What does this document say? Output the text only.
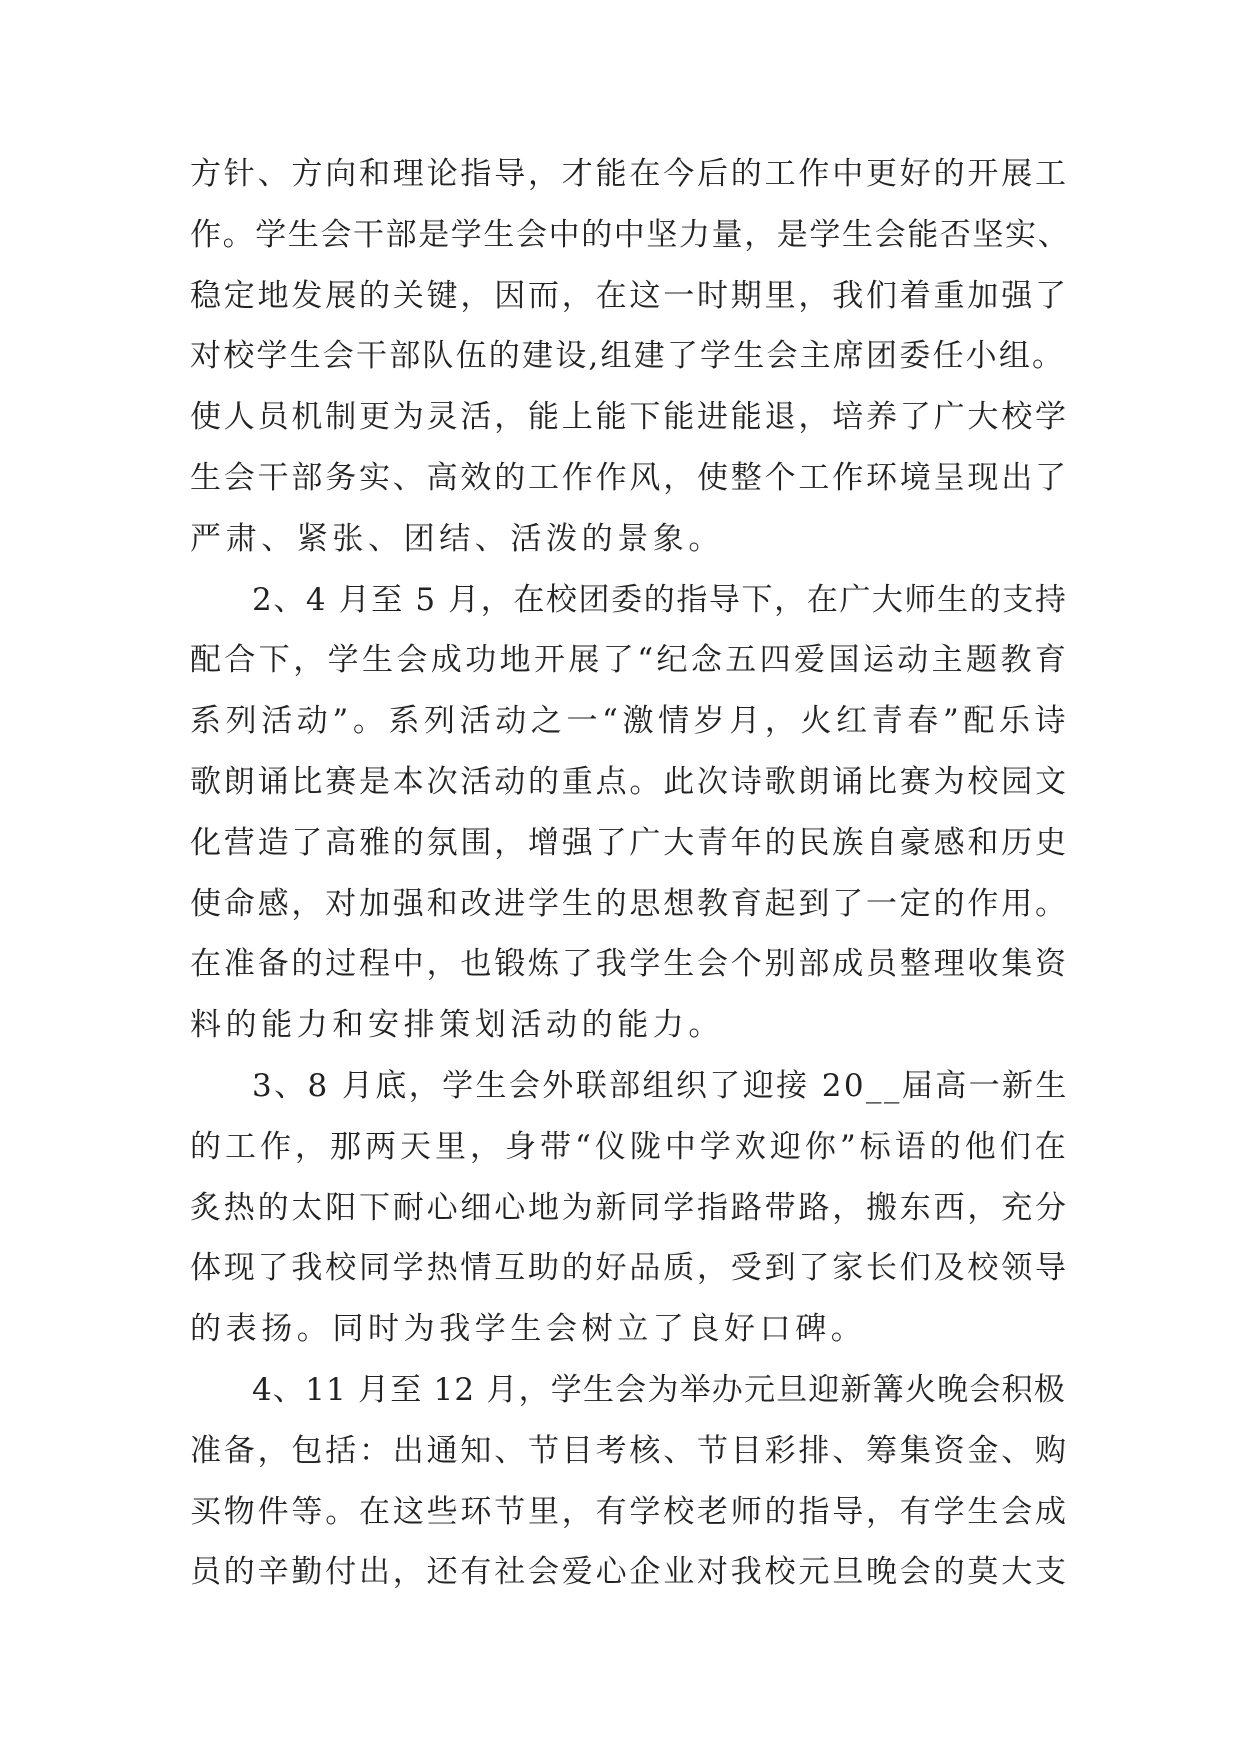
方针、方向和理论指导，才能在今后的工作中更好的开展工
作。学生会干部是学生会中的中坚力量，是学生会能否坚实、
稳定地发展的关键，因而，在这一时期里，我们着重加强了
对校学生会干部队伍的建设,组建了学生会主席团委任小组。
使人员机制更为灵活，能上能下能进能退，培养了广大校学
生会干部务实、高效的工作作风，使整个工作环境呈现出了
严肃、紧张、团结、活泼的景象。
2、4 月至 5 月，在校团委的指导下，在广大师生的支持
配合下，学生会成功地开展了“纪念五四爱国运动主题教育
系列活动”。系列活动之一“激情岁月，火红青春”配乐诗
歌朗诵比赛是本次活动的重点。此次诗歌朗诵比赛为校园文
化营造了高雅的氛围，增强了广大青年的民族自豪感和历史
使命感，对加强和改进学生的思想教育起到了一定的作用。
在准备的过程中，也锻炼了我学生会个别部成员整理收集资
料的能力和安排策划活动的能力。
3、8 月底，学生会外联部组织了迎接 20__届高一新生
的工作，那两天里，身带“仪陇中学欢迎你”标语的他们在
炙热的太阳下耐心细心地为新同学指路带路，搬东西，充分
体现了我校同学热情互助的好品质，受到了家长们及校领导
的表扬。同时为我学生会树立了良好口碑。
4、11 月至 12 月，学生会为举办元旦迎新篝火晚会积极
准备，包括：出通知、节目考核、节目彩排、筹集资金、购
买物件等。在这些环节里，有学校老师的指导，有学生会成
员的辛勤付出，还有社会爱心企业对我校元旦晚会的莫大支
